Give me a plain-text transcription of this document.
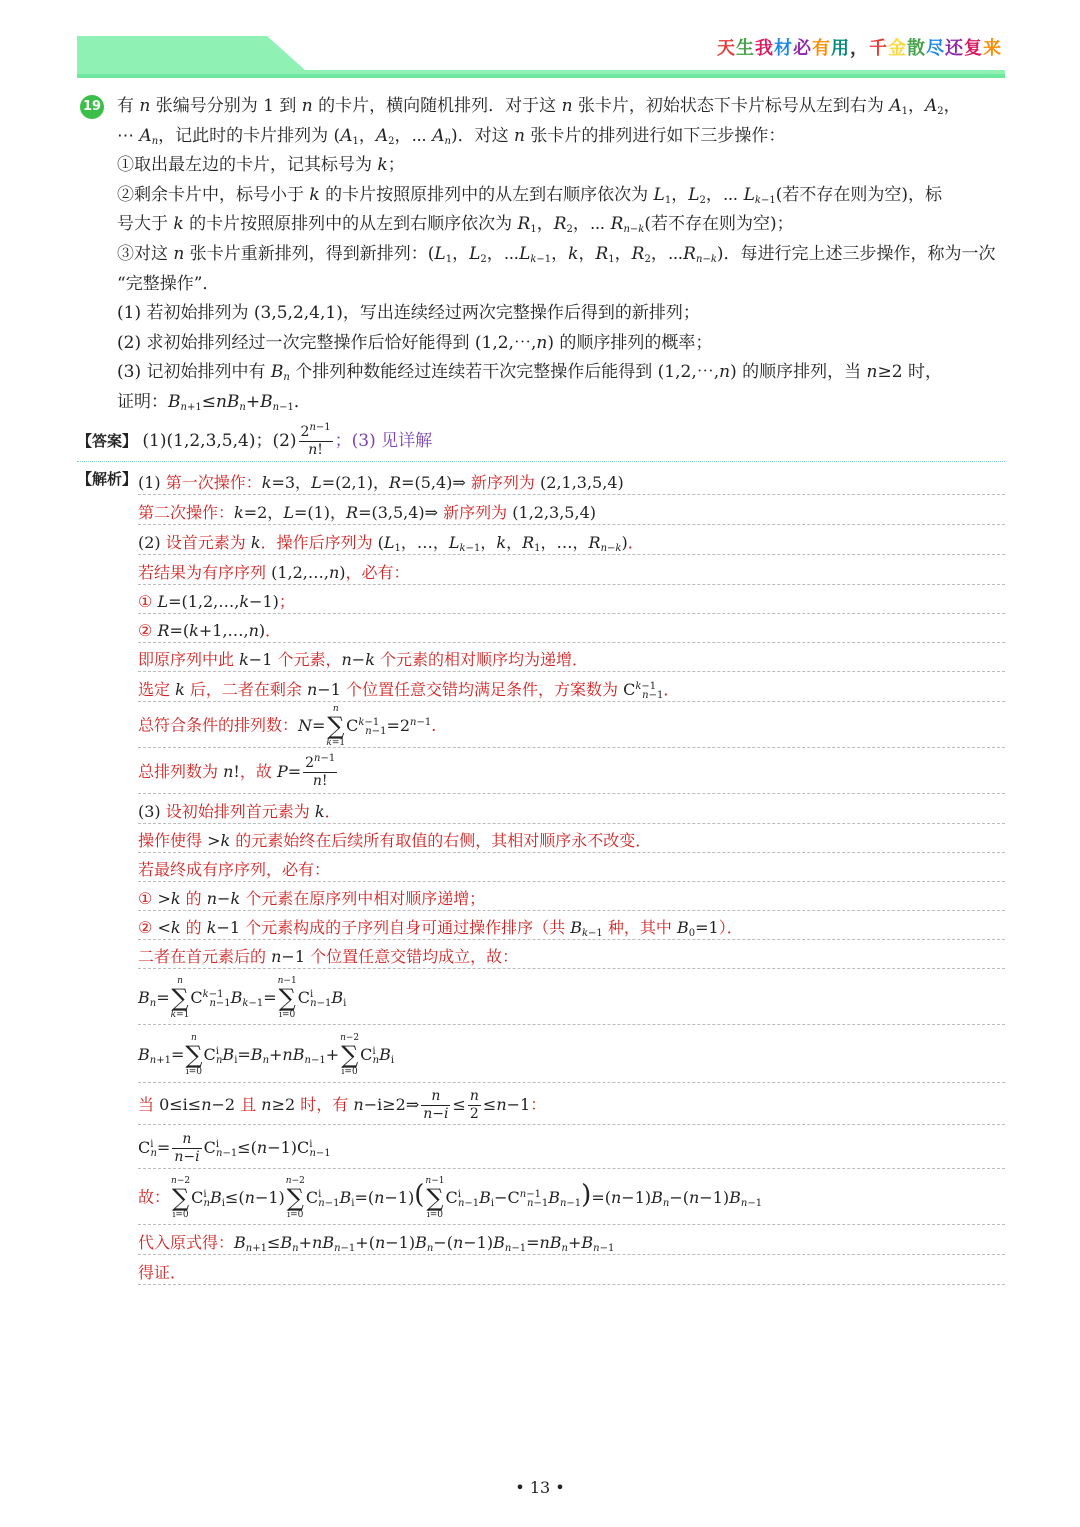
天生我材必有用，千金散尽还复来
19 有 n 张编号分别为 1 到 n 的卡片，横向随机排列．对于这 n 张卡片，初始状态下卡片标号从左到右为 $A_1$，$A_2$，
⋯ $A_n$，记此时的卡片排列为 ($A_1$，$A_2$，⋯ $A_n$)．对这 n 张卡片的排列进行如下三步操作：
①取出最左边的卡片，记其标号为 k；
②剩余卡片中，标号小于 k 的卡片按照原排列中的从左到右顺序依次为 $L_1$，$L_2$，⋯ $L_{k-1}$(若不存在则为空)，标
号大于 k 的卡片按照原排列中的从左到右顺序依次为 $R_1$，$R_2$，⋯ $R_{n-k}$(若不存在则为空)；
③对这 n 张卡片重新排列，得到新排列：($L_1$，$L_2$，$\cdots L_{k-1}$，k，$R_1$，$R_2$，$\cdots R_{n-k}$)．每进行完上述三步操作，称为一次
“完整操作”．
(1) 若初始排列为 (3,5,2,4,1)，写出连续经过两次完整操作后得到的新排列；
(2) 求初始排列经过一次完整操作后恰好能得到 (1,2,⋯,n) 的顺序排列的概率；
(3) 记初始排列中有 $B_n$ 个排列种数能经过连续若干次完整操作后能得到 (1,2,⋯,n) 的顺序排列，当 n≥2 时，
证明：$B_{n+1}\le nB_n+B_{n-1}$．
【答案】 (1)(1,2,3,5,4)；$(2) \frac{2^{n-1}}{n!}$ ；(3) 见详解
【解析】 (1) 第一次操作：k=3，L=(2,1)，R=(5,4)⇒ 新序列为 (2,1,3,5,4)
第二次操作：k=2，L=(1)，R=(3,5,4)⇒ 新序列为 (1,2,3,5,4)
(2) 设首元素为 k．操作后序列为 ($L_1$，…，$L_{k-1}$，k，$R_1$，…，$R_{n-k}$)．
若结果为有序序列 (1,2,…,n)，必有：
① L=(1,2,…,k−1)；
② R=(k+1,…,n)．
即原序列中此 k−1 个元素，n−k 个元素的相对顺序均为递增．
选定 k 后，二者在剩余 n−1 个位置任意交错均满足条件，方案数为 $C^{k-1}_{n-1}$．
总符合条件的排列数：N=
n
∑
k=1
$C^{k-1}_{n-1}=2^{n-1}$．
总排列数为 n!，故 $P= \frac{2^{n-1}}{n!}$
(3) 设初始排列首元素为 k．
操作使得 >k 的元素始终在后续所有取值的右侧，其相对顺序永不改变．
若最终成有序序列，必有：
① >k 的 n−k 个元素在原序列中相对顺序递增；
② <k 的 k−1 个元素构成的子序列自身可通过操作排序（共 $B_{k-1}$ 种，其中 $B_0=1$）．
二者在首元素后的 n−1 个位置任意交错均成立，故：
$B_n=$
n
∑
k=1
$C^{k-1}_{n-1}B_{k-1}=$
n−1
∑
i=0
$C^i_{n-1}B_i$
$B_{n+1}=$
n
∑
i=0
$C^i_nB_i=B_n+nB_{n-1}+$
n−2
∑
i=0
$C^i_nB_i$
当 0≤i≤n−2 且 n≥2 时，有 n−i≥2⇒ $\frac{n}{n-i} \le \frac{n}{2} \le n-1$：
$C^i_n= \frac{n}{n-i} C^i_{n-1}\le(n-1)C^i_{n-1}$
故：
n−2
∑
i=0
$C^i_nB_i\le(n-1)$
n−2
∑
i=0
$C^i_{n-1}B_i=(n-1)$( n−1
∑
i=0
$C^i_{n-1}B_i-C^{n-1}_{n-1}B_{n-1})=(n-1)B_n-(n-1)B_{n-1}$
代入原式得：$B_{n+1}\le B_n+nB_{n-1}+(n-1)B_n-(n-1)B_{n-1}=nB_n+B_{n-1}$
得证．
• 13 •
